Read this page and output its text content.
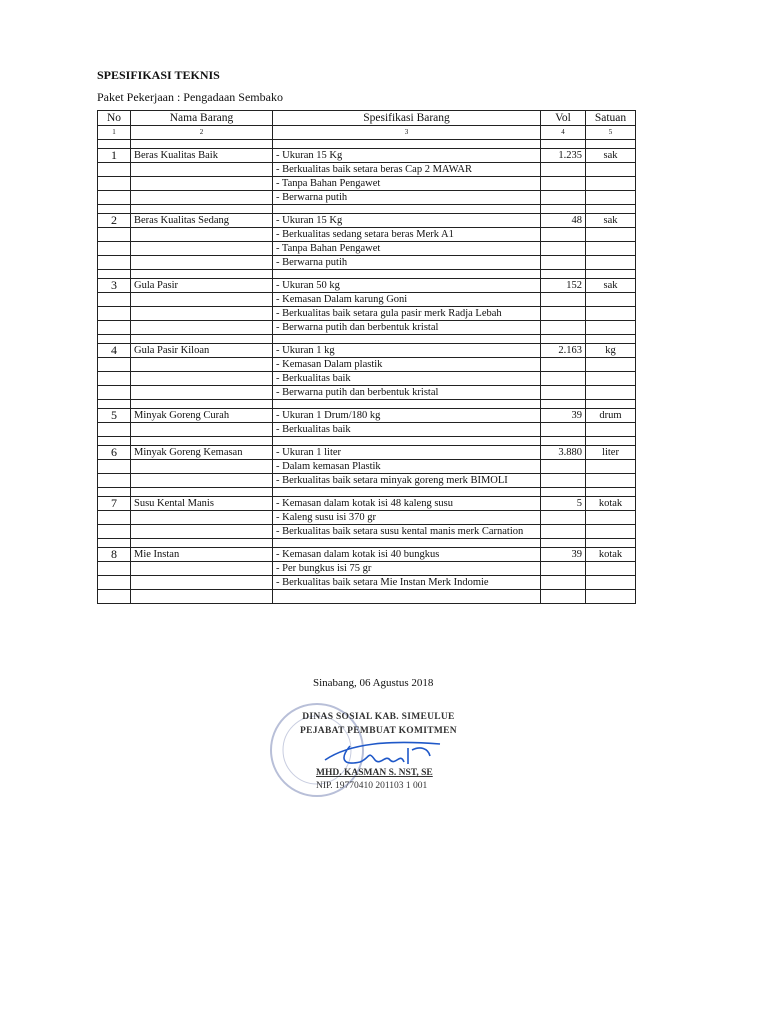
SPESIFIKASI TEKNIS
Paket Pekerjaan : Pengadaan Sembako
No	Nama Barang	Spesifikasi Barang	Vol	Satuan
1	2	3	4	5

1	Beras Kualitas Baik	- Ukuran 15 Kg	1.235	sak
		- Berkualitas baik setara beras Cap 2 MAWAR		
		- Tanpa Bahan Pengawet		
		- Berwarna putih		

2	Beras Kualitas Sedang	- Ukuran 15 Kg	48	sak
		- Berkualitas sedang setara beras Merk A1		
		- Tanpa Bahan Pengawet		
		- Berwarna putih		

3	Gula Pasir	- Ukuran 50 kg	152	sak
		- Kemasan Dalam karung Goni		
		- Berkualitas baik setara gula pasir merk Radja Lebah		
		- Berwarna putih dan berbentuk kristal		

4	Gula Pasir Kiloan	- Ukuran 1 kg	2.163	kg
		- Kemasan Dalam plastik		
		- Berkualitas baik		
		- Berwarna putih dan berbentuk kristal		

5	Minyak Goreng Curah	- Ukuran 1 Drum/180 kg	39	drum
		- Berkualitas baik		

6	Minyak Goreng Kemasan	- Ukuran 1 liter	3.880	liter
		- Dalam kemasan Plastik		
		- Berkualitas baik setara minyak goreng merk BIMOLI		

7	Susu Kental Manis	- Kemasan dalam kotak isi 48 kaleng susu	5	kotak
		- Kaleng susu isi 370 gr		
		- Berkualitas baik setara susu kental manis merk Carnation		

8	Mie Instan	- Kemasan dalam kotak isi 40 bungkus	39	kotak
		- Per bungkus isi 75 gr		
		- Berkualitas baik setara Mie Instan Merk Indomie		

Sinabang, 06 Agustus 2018
DINAS SOSIAL KAB. SIMEULUE
PEJABAT PEMBUAT KOMITMEN
MHD. KASMAN S. NST, SE
NIP. 19770410 201103 1 001
